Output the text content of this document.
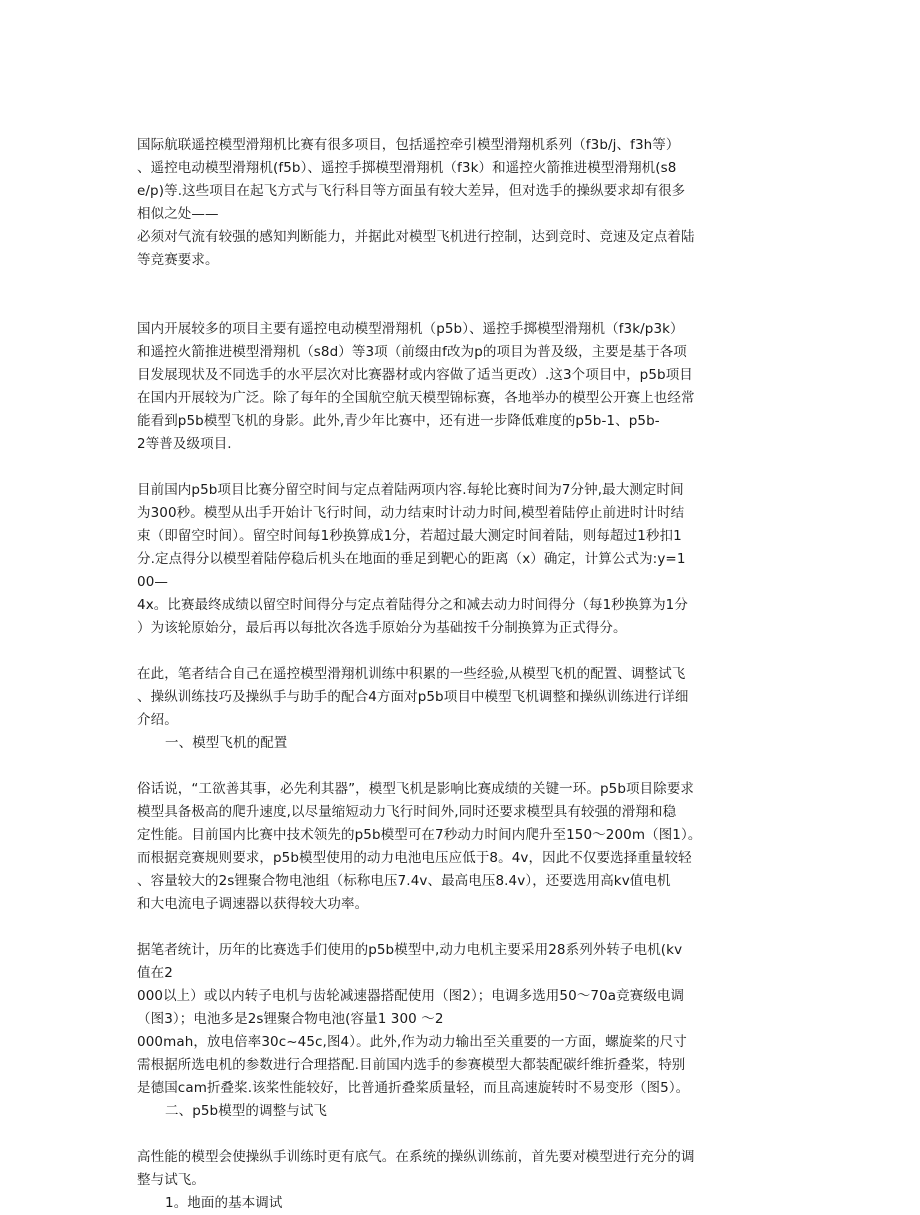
国际航联遥控模型滑翔机比赛有很多项目，包括遥控牵引模型滑翔机系列（f3b/j、f3h等）
、遥控电动模型滑翔机(f5b）、遥控手掷模型滑翔机（f3k）和遥控火箭推进模型滑翔机(s8
e/p)等.这些项目在起飞方式与飞行科目等方面虽有较大差异，但对选手的操纵要求却有很多
相似之处——
必须对气流有较强的感知判断能力，并据此对模型飞机进行控制，达到竞时、竞速及定点着陆
等竞赛要求。
国内开展较多的项目主要有遥控电动模型滑翔机（p5b）、遥控手掷模型滑翔机（f3k/p3k）
和遥控火箭推进模型滑翔机（s8d）等3项（前缀由f改为p的项目为普及级，主要是基于各项
目发展现状及不同选手的水平层次对比赛器材或内容做了适当更改）.这3个项目中，p5b项目
在国内开展较为广泛。除了每年的全国航空航天模型锦标赛，各地举办的模型公开赛上也经常
能看到p5b模型飞机的身影。此外,青少年比赛中，还有进一步降低难度的p5b-1、p5b-
2等普及级项目.
目前国内p5b项目比赛分留空时间与定点着陆两项内容.每轮比赛时间为7分钟,最大测定时间
为300秒。模型从出手开始计飞行时间，动力结束时计动力时间,模型着陆停止前进时计时结
束（即留空时间）。留空时间每1秒换算成1分，若超过最大测定时间着陆，则每超过1秒扣1
分.定点得分以模型着陆停稳后机头在地面的垂足到靶心的距离（x）确定，计算公式为:y=1
00—
4x。比赛最终成绩以留空时间得分与定点着陆得分之和减去动力时间得分（每1秒换算为1分
）为该轮原始分，最后再以每批次各选手原始分为基础按千分制换算为正式得分。
在此，笔者结合自己在遥控模型滑翔机训练中积累的一些经验,从模型飞机的配置、调整试飞
、操纵训练技巧及操纵手与助手的配合4方面对p5b项目中模型飞机调整和操纵训练进行详细
介绍。
一、模型飞机的配置
俗话说，“工欲善其事，必先利其器”，模型飞机是影响比赛成绩的关键一环。p5b项目除要求
模型具备极高的爬升速度,以尽量缩短动力飞行时间外,同时还要求模型具有较强的滑翔和稳
定性能。目前国内比赛中技术领先的p5b模型可在7秒动力时间内爬升至150～200m（图1）。
而根据竞赛规则要求，p5b模型使用的动力电池电压应低于8。4v，因此不仅要选择重量较轻
、容量较大的2s锂聚合物电池组（标称电压7.4v、最高电压8.4v），还要选用高kv值电机
和大电流电子调速器以获得较大功率。
据笔者统计，历年的比赛选手们使用的p5b模型中,动力电机主要采用28系列外转子电机(kv
值在2
000以上）或以内转子电机与齿轮减速器搭配使用（图2）；电调多选用50～70a竞赛级电调
（图3）；电池多是2s锂聚合物电池(容量1 300 ～2
000mah，放电倍率30c~45c,图4）。此外,作为动力输出至关重要的一方面，螺旋桨的尺寸
需根据所选电机的参数进行合理搭配.目前国内选手的参赛模型大都装配碳纤维折叠桨，特别
是德国cam折叠桨.该桨性能较好，比普通折叠桨质量轻，而且高速旋转时不易变形（图5）。
二、p5b模型的调整与试飞
高性能的模型会使操纵手训练时更有底气。在系统的操纵训练前，首先要对模型进行充分的调
整与试飞。
1。地面的基本调试
